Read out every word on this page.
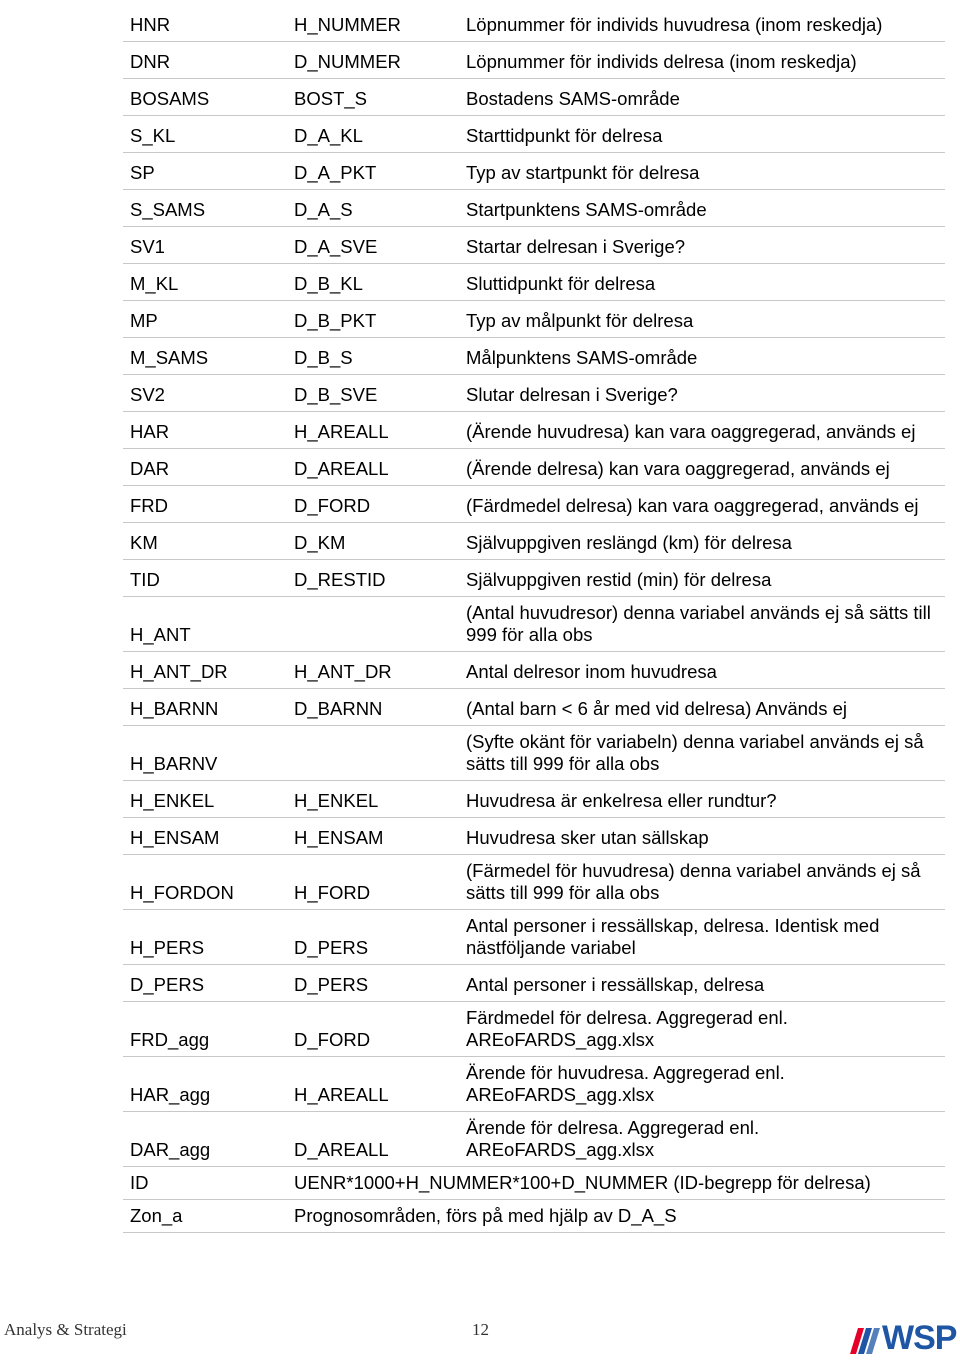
HNR	H_NUMMER	Löpnummer för individs huvudresa (inom reskedja)
DNR	D_NUMMER	Löpnummer för individs delresa (inom reskedja)
BOSAMS	BOST_S	Bostadens SAMS-område
S_KL	D_A_KL	Starttidpunkt för delresa
SP	D_A_PKT	Typ av startpunkt för delresa
S_SAMS	D_A_S	Startpunktens SAMS-område
SV1	D_A_SVE	Startar delresan i Sverige?
M_KL	D_B_KL	Sluttidpunkt för delresa
MP	D_B_PKT	Typ av målpunkt för delresa
M_SAMS	D_B_S	Målpunktens SAMS-område
SV2	D_B_SVE	Slutar delresan i Sverige?
HAR	H_AREALL	(Ärende huvudresa) kan vara oaggregerad, används ej
DAR	D_AREALL	(Ärende delresa) kan vara oaggregerad, används ej
FRD	D_FORD	(Färdmedel delresa) kan vara oaggregerad, används ej
KM	D_KM	Självuppgiven reslängd (km) för delresa
TID	D_RESTID	Självuppgiven restid (min) för delresa
H_ANT		(Antal huvudresor) denna variabel används ej så sätts till 999 för alla obs
H_ANT_DR	H_ANT_DR	Antal delresor inom huvudresa
H_BARNN	D_BARNN	(Antal barn < 6 år med vid delresa) Används ej
H_BARNV		(Syfte okänt för variabeln) denna variabel används ej så sätts till 999 för alla obs
H_ENKEL	H_ENKEL	Huvudresa är enkelresa eller rundtur?
H_ENSAM	H_ENSAM	Huvudresa sker utan sällskap
H_FORDON	H_FORD	(Färmedel för huvudresa) denna variabel används ej så sätts till 999 för alla obs
H_PERS	D_PERS	Antal personer i ressällskap, delresa. Identisk med nästföljande variabel
D_PERS	D_PERS	Antal personer i ressällskap, delresa
FRD_agg	D_FORD	Färdmedel för delresa. Aggregerad enl. AREoFARDS_agg.xlsx
HAR_agg	H_AREALL	Ärende för huvudresa. Aggregerad enl. AREoFARDS_agg.xlsx
DAR_agg	D_AREALL	Ärende för delresa. Aggregerad enl. AREoFARDS_agg.xlsx
ID	UENR*1000+H_NUMMER*100+D_NUMMER (ID-begrepp för delresa)	
Zon_a	Prognosområden, förs på med hjälp av D_A_S	
Analys & Strategi	12	WSP
